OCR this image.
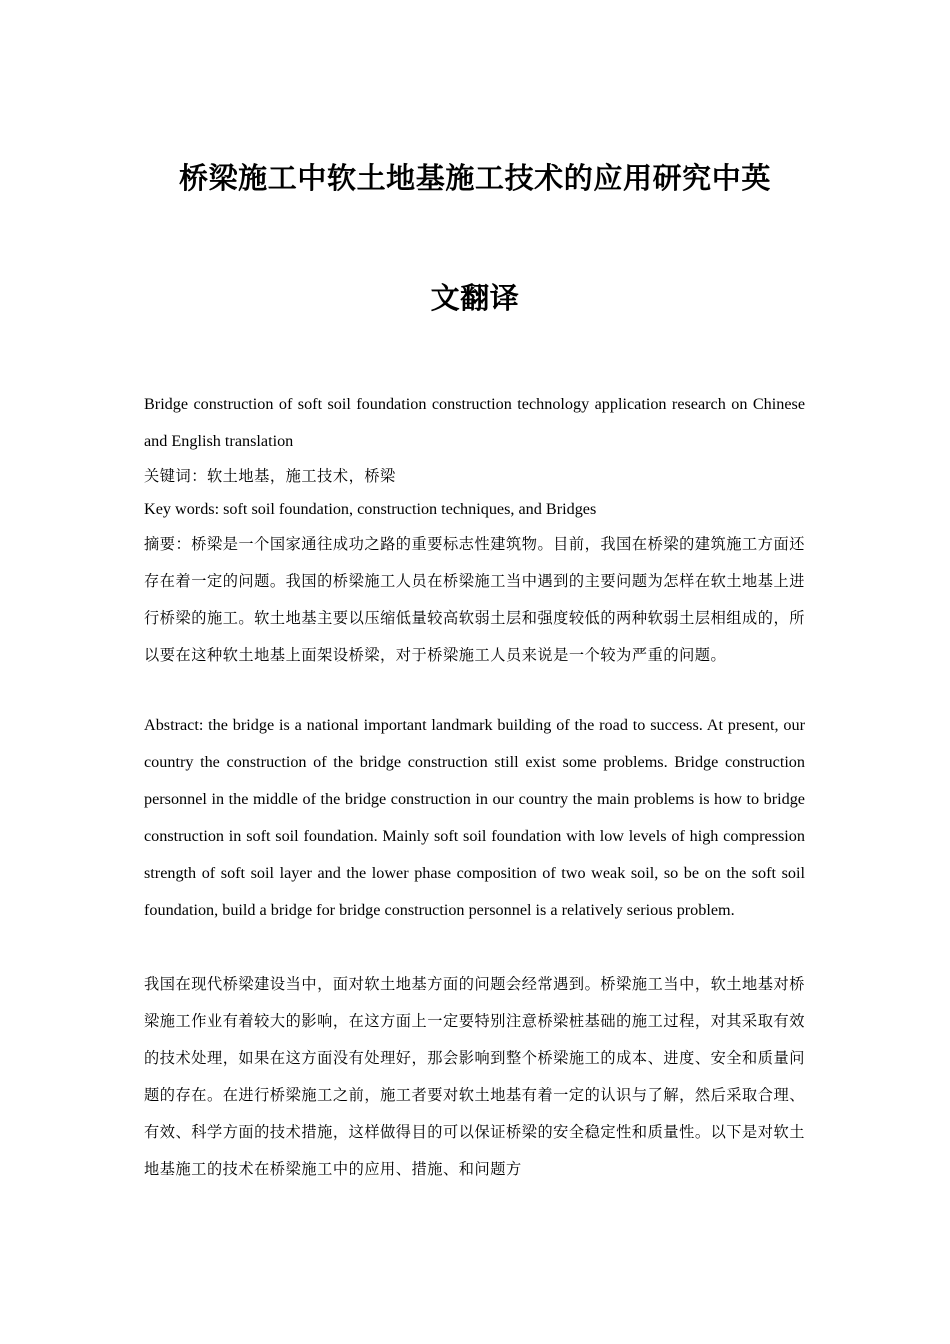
桥梁施工中软土地基施工技术的应用研究中英
文翻译

Bridge construction of soft soil foundation construction technology application research on Chinese and English translation

关键词：软土地基，施工技术，桥梁

Key words: soft soil foundation, construction techniques, and Bridges

摘要：桥梁是一个国家通往成功之路的重要标志性建筑物。目前，我国在桥梁的建筑施工方面还存在着一定的问题。我国的桥梁施工人员在桥梁施工当中遇到的主要问题为怎样在软土地基上进行桥梁的施工。软土地基主要以压缩低量较高软弱土层和强度较低的两种软弱土层相组成的，所以要在这种软土地基上面架设桥梁，对于桥梁施工人员来说是一个较为严重的问题。

Abstract: the bridge is a national important landmark building of the road to success. At present, our country the construction of the bridge construction still exist some problems. Bridge construction personnel in the middle of the bridge construction in our country the main problems is how to bridge construction in soft soil foundation. Mainly soft soil foundation with low levels of high compression strength of soft soil layer and the lower phase composition of two weak soil, so be on the soft soil foundation, build a bridge for bridge construction personnel is a relatively serious problem.

我国在现代桥梁建设当中，面对软土地基方面的问题会经常遇到。桥梁施工当中，软土地基对桥梁施工作业有着较大的影响，在这方面上一定要特别注意桥梁桩基础的施工过程，对其采取有效的技术处理，如果在这方面没有处理好，那会影响到整个桥梁施工的成本、进度、安全和质量问题的存在。在进行桥梁施工之前，施工者要对软土地基有着一定的认识与了解，然后采取合理、有效、科学方面的技术措施，这样做得目的可以保证桥梁的安全稳定性和质量性。以下是对软土地基施工的技术在桥梁施工中的应用、措施、和问题方
